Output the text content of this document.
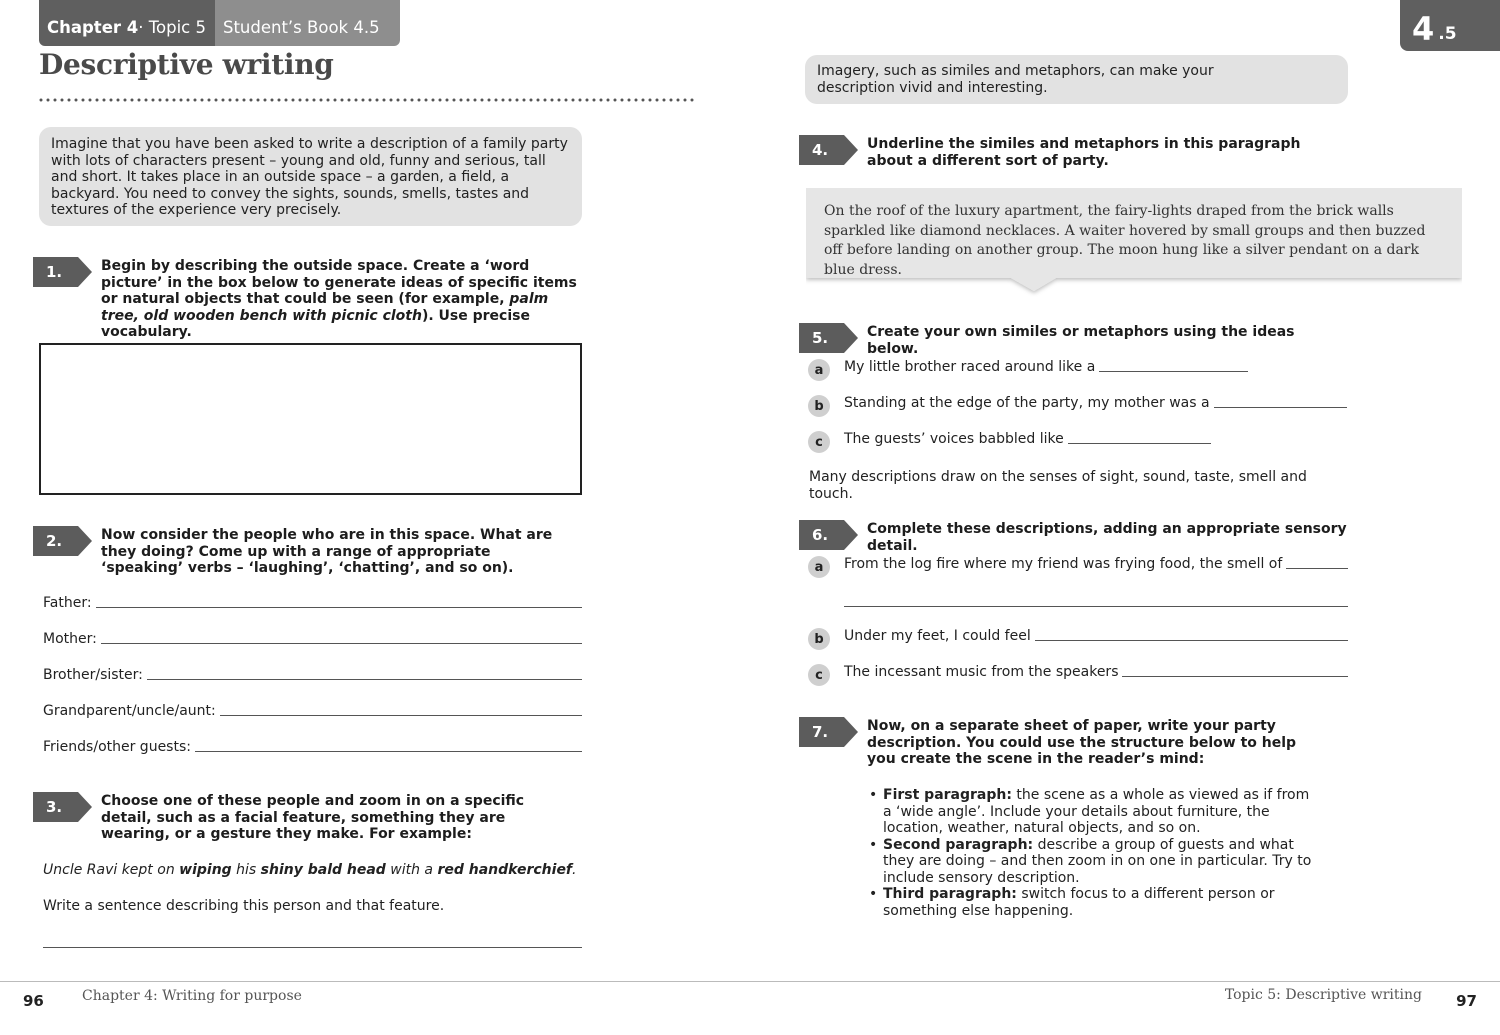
Chapter 4 · Topic 5	Student’s Book 4.5
Descriptive writing
Imagine that you have been asked to write a description of a family party with lots of characters present – young and old, funny and serious, tall and short. It takes place in an outside space – a garden, a field, a backyard. You need to convey the sights, sounds, smells, tastes and textures of the experience very precisely.
1.	Begin by describing the outside space. Create a ‘word picture’ in the box below to generate ideas of specific items or natural objects that could be seen (for example, palm tree, old wooden bench with picnic cloth). Use precise vocabulary.
2.	Now consider the people who are in this space. What are they doing? Come up with a range of appropriate ‘speaking’ verbs – ‘laughing’, ‘chatting’, and so on).
Father:
Mother:
Brother/sister:
Grandparent/uncle/aunt:
Friends/other guests:
3.	Choose one of these people and zoom in on a specific detail, such as a facial feature, something they are wearing, or a gesture they make. For example:
Uncle Ravi kept on wiping his shiny bald head with a red handkerchief.
Write a sentence describing this person and that feature.
4 .5
Imagery, such as similes and metaphors, can make your description vivid and interesting.
4.	Underline the similes and metaphors in this paragraph about a different sort of party.
On the roof of the luxury apartment, the fairy-lights draped from the brick walls sparkled like diamond necklaces. A waiter hovered by small groups and then buzzed off before landing on another group. The moon hung like a silver pendant on a dark blue dress.
5.	Create your own similes or metaphors using the ideas below.
a	My little brother raced around like a
b	Standing at the edge of the party, my mother was a
c	The guests’ voices babbled like
Many descriptions draw on the senses of sight, sound, taste, smell and touch.
6.	Complete these descriptions, adding an appropriate sensory detail.
a	From the log fire where my friend was frying food, the smell of
b	Under my feet, I could feel
c	The incessant music from the speakers
7.	Now, on a separate sheet of paper, write your party description. You could use the structure below to help you create the scene in the reader’s mind:
• First paragraph: the scene as a whole as viewed as if from a ‘wide angle’. Include your details about furniture, the location, weather, natural objects, and so on.
• Second paragraph: describe a group of guests and what they are doing – and then zoom in on one in particular. Try to include sensory description.
• Third paragraph: switch focus to a different person or something else happening.
96	Chapter 4: Writing for purpose	Topic 5: Descriptive writing 97
